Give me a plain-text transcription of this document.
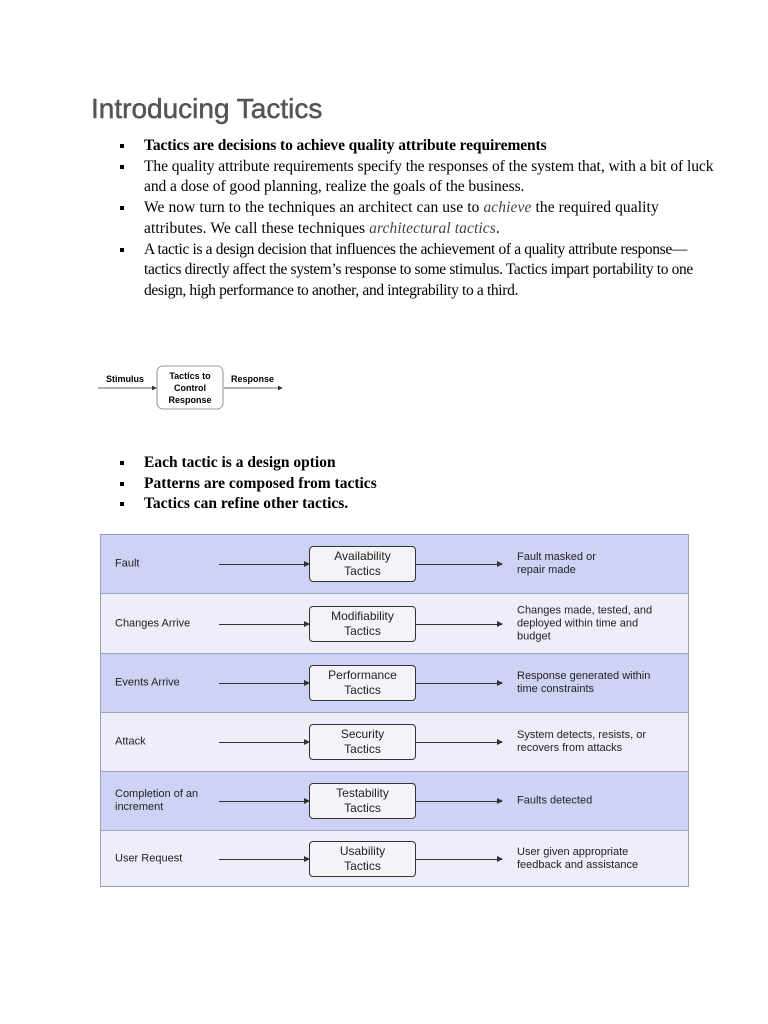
Introducing Tactics
Tactics are decisions to achieve quality attribute requirements
The quality attribute requirements specify the responses of the system that, with a bit of luck and a dose of good planning, realize the goals of the business.
We now turn to the techniques an architect can use to achieve the required quality attributes. We call these techniques architectural tactics.
A tactic is a design decision that influences the achievement of a quality attribute response—tactics directly affect the system’s response to some stimulus. Tactics impart portability to one design, high performance to another, and integrability to a third.
Stimulus	Tactics to
Control
Response
Response
Each tactic is a design option
Patterns are composed from tactics
Tactics can refine other tactics.
Fault
Availability
Tactics
Fault masked or
repair made
Changes Arrive
Modifiability
Tactics
Changes made, tested, and
deployed within time and
budget
Events Arrive
Performance
Tactics
Response generated within
time constraints
Attack
Security
Tactics
System detects, resists, or
recovers from attacks
Completion of an increment
Testability
Tactics
Faults detected
User Request
Usability
Tactics
User given appropriate
feedback and assistance
